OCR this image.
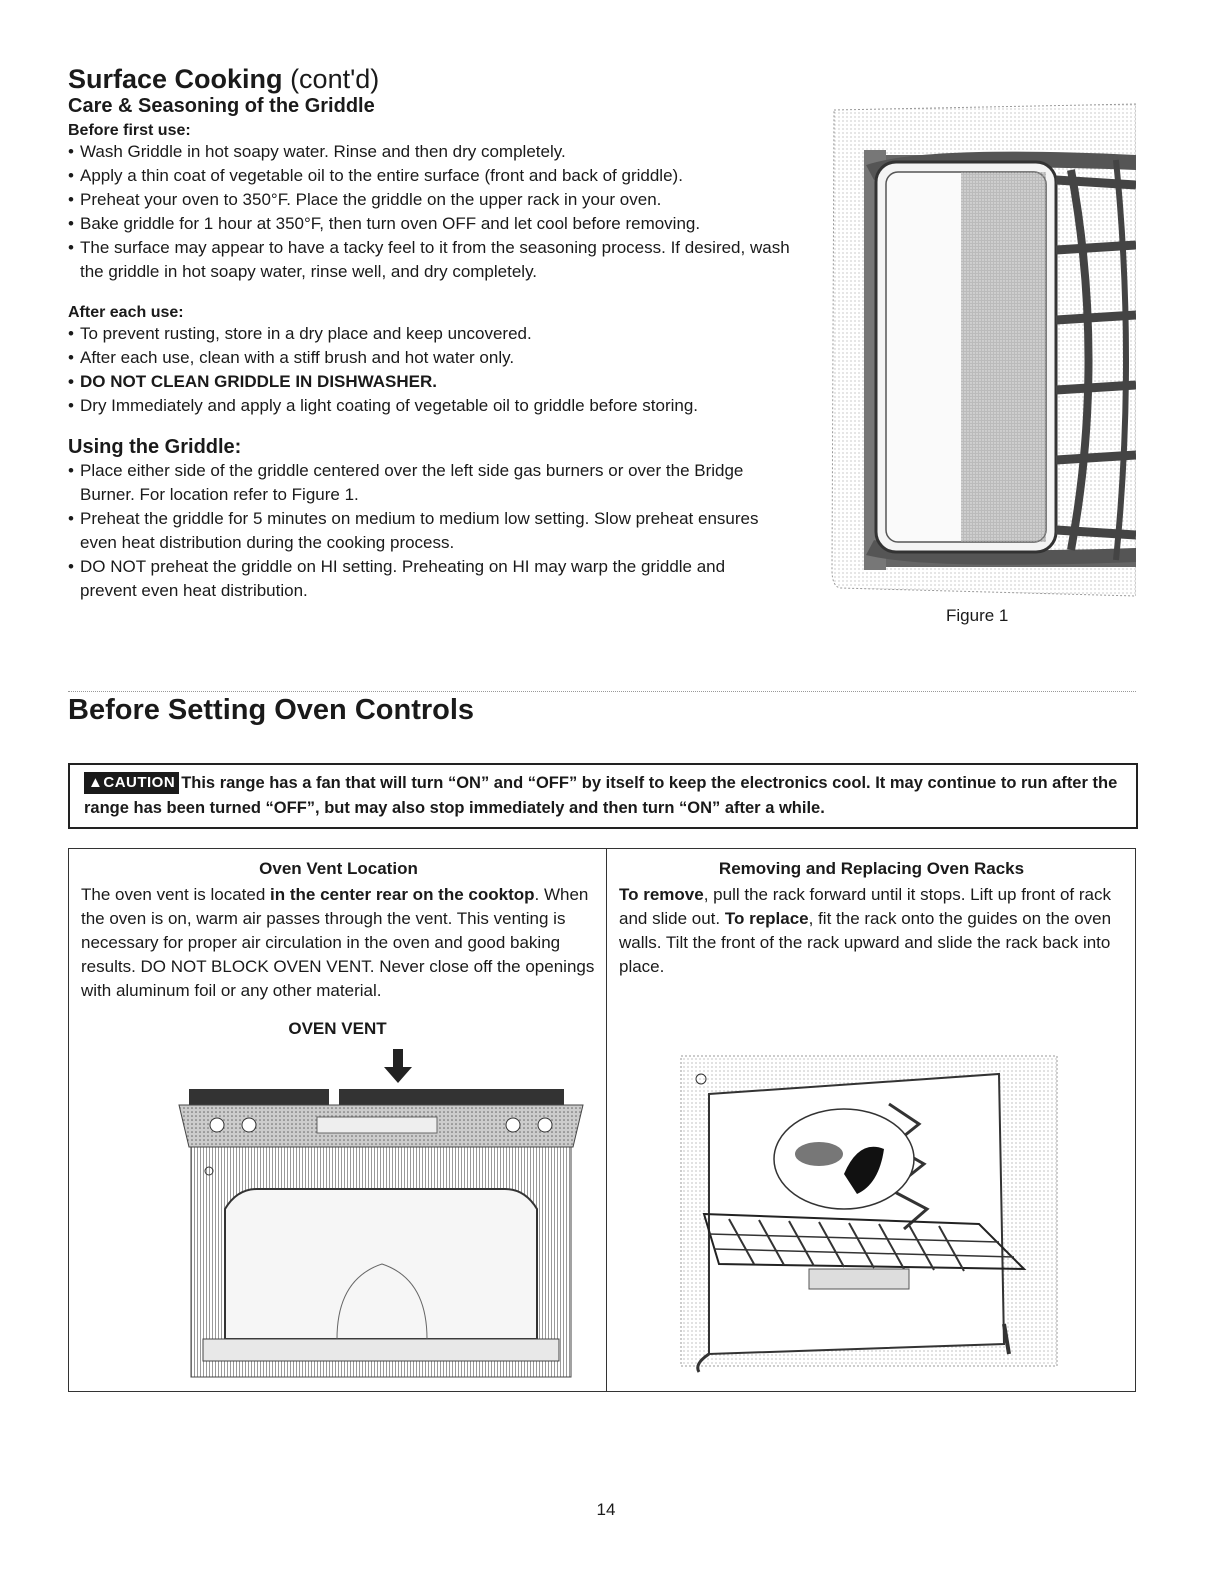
Surface Cooking (cont'd)
Care & Seasoning of the Griddle
Before first use:
• Wash Griddle in hot soapy water. Rinse and then dry completely.
• Apply a thin coat of vegetable oil to the entire surface (front and back of griddle).
• Preheat your oven to 350°F. Place the griddle on the upper rack in your oven.
• Bake griddle for 1 hour at 350°F, then turn oven OFF and let cool before removing.
• The surface may appear to have a tacky feel to it from the seasoning process. If desired, wash the griddle in hot soapy water, rinse well, and dry completely.
After each use:
• To prevent rusting, store in a dry place and keep uncovered.
• After each use, clean with a stiff brush and hot water only.
• DO NOT CLEAN GRIDDLE IN DISHWASHER.
• Dry Immediately and apply a light coating of vegetable oil to griddle before storing.
Using the Griddle:
• Place either side of the griddle centered over the left side gas burners or over the Bridge Burner. For location refer to Figure 1.
• Preheat the griddle for 5 minutes on medium to medium low setting. Slow preheat ensures even heat distribution during the cooking process.
• DO NOT preheat the griddle on HI setting. Preheating on HI may warp the griddle and prevent even heat distribution.
Figure 1
Before Setting Oven Controls
▲CAUTION This range has a fan that will turn “ON” and “OFF” by itself to keep the electronics cool. It may continue to run after the range has been turned “OFF”, but may also stop immediately and then turn “ON” after a while.
Oven Vent Location
The oven vent is located in the center rear on the cooktop. When the oven is on, warm air passes through the vent. This venting is necessary for proper air circulation in the oven and good baking results. DO NOT BLOCK OVEN VENT. Never close off the openings with aluminum foil or any other material.
OVEN VENT
Removing and Replacing Oven Racks
To remove, pull the rack forward until it stops. Lift up front of rack and slide out. To replace, fit the rack onto the guides on the oven walls. Tilt the front of the rack upward and slide the rack back into place.
14
